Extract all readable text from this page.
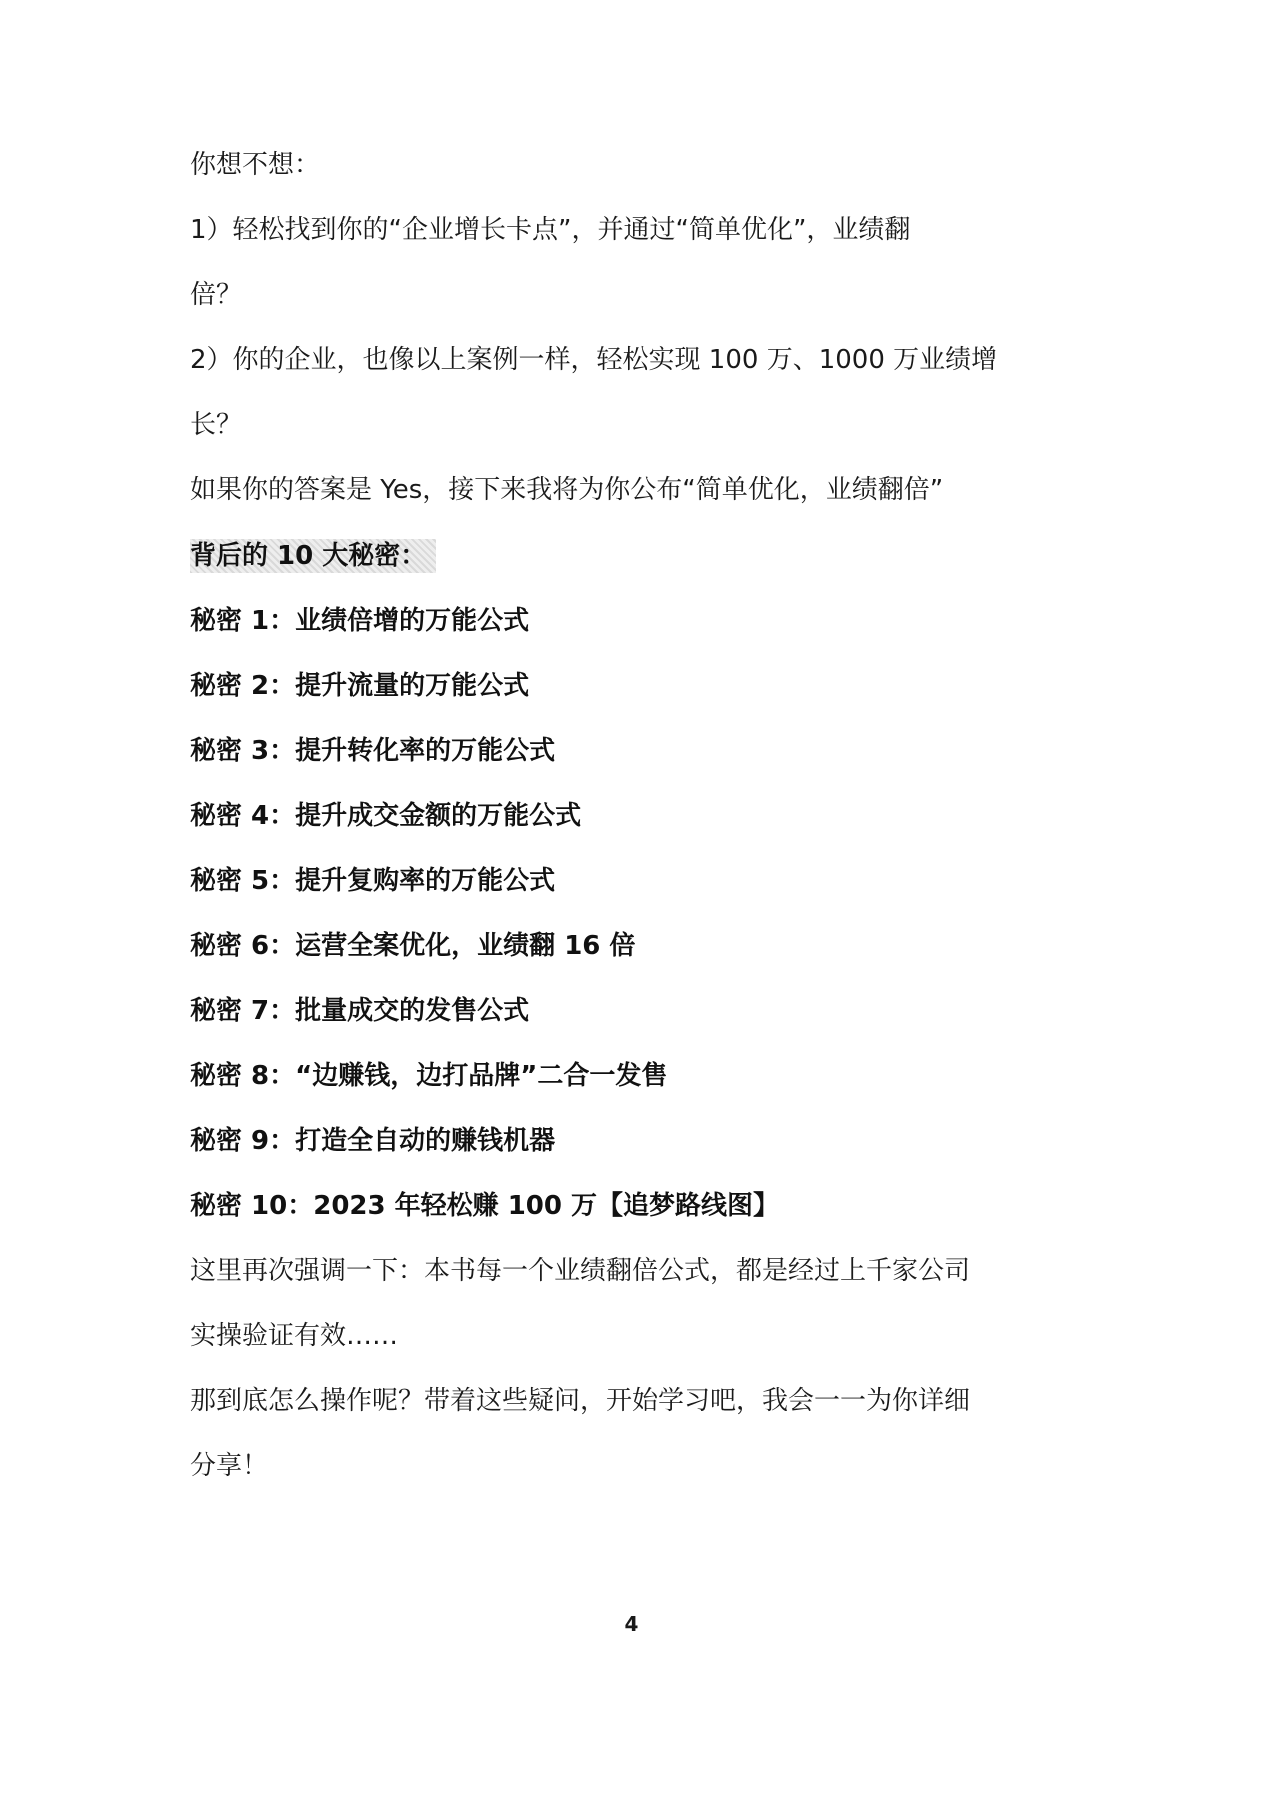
你想不想：

1）轻松找到你的“企业增长卡点”，并通过“简单优化”，业绩翻

倍？

2）你的企业，也像以上案例一样，轻松实现 100 万、1000 万业绩增

长？

如果你的答案是 Yes，接下来我将为你公布“简单优化，业绩翻倍”

背后的 10 大秘密：

秘密 1：业绩倍增的万能公式

秘密 2：提升流量的万能公式

秘密 3：提升转化率的万能公式

秘密 4：提升成交金额的万能公式

秘密 5：提升复购率的万能公式

秘密 6：运营全案优化，业绩翻 16 倍

秘密 7：批量成交的发售公式

秘密 8：“边赚钱，边打品牌”二合一发售

秘密 9：打造全自动的赚钱机器

秘密 10：2023 年轻松赚 100 万【追梦路线图】

这里再次强调一下：本书每一个业绩翻倍公式，都是经过上千家公司

实操验证有效……

那到底怎么操作呢？带着这些疑问，开始学习吧，我会一一为你详细

分享！

4
